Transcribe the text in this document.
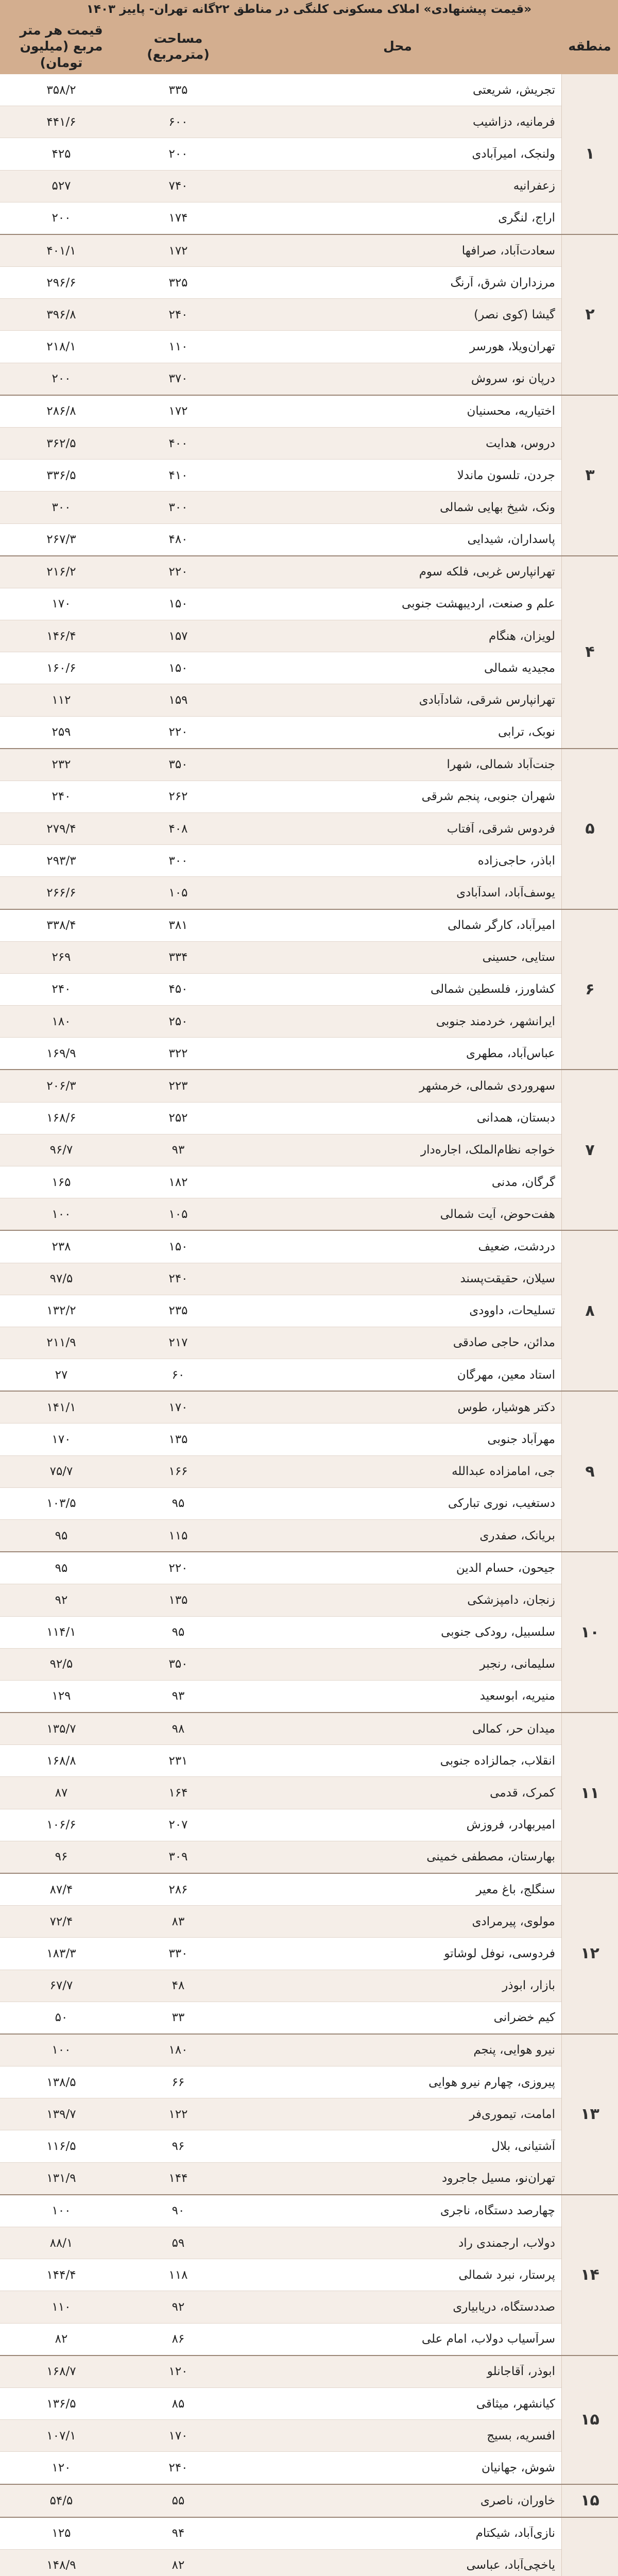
«قیمت پیشنهادی» املاک مسکونی کلنگی در مناطق ۲۲گانه تهران- پاییز ۱۴۰۳
منطقه
محل
مساحت (مترمربع)
قیمت هر متر مربع (میلیون تومان)
۱
تجریش، شریعتی
۳۳۵
۳۵۸/۲
فرمانیه، دزاشیب
۶۰۰
۴۴۱/۶
ولنجک، امیرآبادی
۲۰۰
۴۲۵
زعفرانیه
۷۴۰
۵۲۷
اراج، لنگری
۱۷۴
۲۰۰
۲
سعادت‌آباد، صرافها
۱۷۲
۴۰۱/۱
مرزداران شرق، آرنگ
۳۲۵
۲۹۶/۶
گیشا (کوی نصر)
۲۴۰
۳۹۶/۸
تهران‌ویلا، هورسر
۱۱۰
۲۱۸/۱
درپان نو، سروش
۳۷۰
۲۰۰
۳
اختیاریه، محسنیان
۱۷۲
۲۸۶/۸
دروس، هدایت
۴۰۰
۳۶۲/۵
جردن، تلسون ماندلا
۴۱۰
۳۳۶/۵
ونک، شیخ بهایی شمالی
۳۰۰
۳۰۰
پاسداران، شیدایی
۴۸۰
۲۶۷/۳
۴
تهرانپارس غربی، فلکه سوم
۲۲۰
۲۱۶/۲
علم و صنعت، اردیبهشت جنوبی
۱۵۰
۱۷۰
لویزان، هنگام
۱۵۷
۱۴۶/۴
مجیدیه شمالی
۱۵۰
۱۶۰/۶
تهرانپارس شرقی، شادآبادی
۱۵۹
۱۱۲
نوبک، ترابی
۲۲۰
۲۵۹
۵
جنت‌آباد شمالی، شهرا
۳۵۰
۲۳۲
شهران جنوبی، پنجم شرقی
۲۶۲
۲۴۰
فردوس شرقی، آفتاب
۴۰۸
۲۷۹/۴
اباذر، حاجی‌زاده
۳۰۰
۲۹۳/۳
یوسف‌آباد، اسدآبادی
۱۰۵
۲۶۶/۶
۶
امیرآباد، کارگر شمالی
۳۸۱
۳۳۸/۴
ستایی، حسینی
۳۳۴
۲۶۹
کشاورز، فلسطین شمالی
۴۵۰
۲۴۰
ایرانشهر، خردمند جنوبی
۲۵۰
۱۸۰
عباس‌آباد، مطهری
۳۲۲
۱۶۹/۹
۷
سهروردی شمالی، خرمشهر
۲۲۳
۲۰۶/۳
دبستان، همدانی
۲۵۲
۱۶۸/۶
خواجه نظام‌الملک، اجاره‌دار
۹۳
۹۶/۷
گرگان، مدنی
۱۸۲
۱۶۵
هفت‌حوض، آیت شمالی
۱۰۵
۱۰۰
۸
دردشت، ضعیف
۱۵۰
۲۳۸
سیلان، حقیقت‌پسند
۲۴۰
۹۷/۵
تسلیحات، داوودی
۲۳۵
۱۳۲/۲
مدائن، حاجی صادقی
۲۱۷
۲۱۱/۹
استاد معین، مهرگان
۶۰
۲۷
۹
دکتر هوشیار، طوس
۱۷۰
۱۴۱/۱
مهرآباد جنوبی
۱۳۵
۱۷۰
جی، امامزاده عبدالله
۱۶۶
۷۵/۷
دستغیب، نوری تبارکی
۹۵
۱۰۳/۵
بریانک، صفدری
۱۱۵
۹۵
۱۰
جیحون، حسام الدین
۲۲۰
۹۵
زنجان، دامپزشکی
۱۳۵
۹۲
سلسبیل، رودکی جنوبی
۹۵
۱۱۴/۱
سلیمانی، رنجبر
۳۵۰
۹۲/۵
منیریه، ابوسعید
۹۳
۱۲۹
۱۱
میدان حر، کمالی
۹۸
۱۳۵/۷
انقلاب، جمالزاده جنوبی
۲۳۱
۱۶۸/۸
کمرک، قدمی
۱۶۴
۸۷
امیربهادر، فروزش
۲۰۷
۱۰۶/۶
بهارستان، مصطفی خمینی
۳۰۹
۹۶
۱۲
سنگلج، باغ معیر
۲۸۶
۸۷/۴
مولوی، پیرمرادی
۸۳
۷۲/۴
فردوسی، نوفل لوشاتو
۳۳۰
۱۸۳/۳
بازار، ابوذر
۴۸
۶۷/۷
کیم خضرانی
۳۳
۵۰
۱۳
نیرو هوایی، پنجم
۱۸۰
۱۰۰
پیروزی، چهارم نیرو هوایی
۶۶
۱۳۸/۵
امامت، تیموری‌فر
۱۲۲
۱۳۹/۷
آشتیانی، بلال
۹۶
۱۱۶/۵
تهران‌نو، مسیل جاجرود
۱۴۴
۱۳۱/۹
۱۴
چهارصد دستگاه، ناجری
۹۰
۱۰۰
دولاب، ارجمندی راد
۵۹
۸۸/۱
پرستار، نبرد شمالی
۱۱۸
۱۴۴/۴
صددستگاه، دریابیاری
۹۲
۱۱۰
سرآسیاب دولاب، امام علی
۸۶
۸۲
۱۵
ابوذر، آقاجانلو
۱۲۰
۱۶۸/۷
کیانشهر، میثاقی
۸۵
۱۳۶/۵
افسریه، بسیج
۱۷۰
۱۰۷/۱
شوش، جهانیان
۲۴۰
۱۲۰
۱۵
خاوران، ناصری
۵۵
۵۴/۵
نازی‌آباد، شیکتام
۹۴
۱۲۵
یاخچی‌آباد، عباسی
۸۲
۱۴۸/۹
